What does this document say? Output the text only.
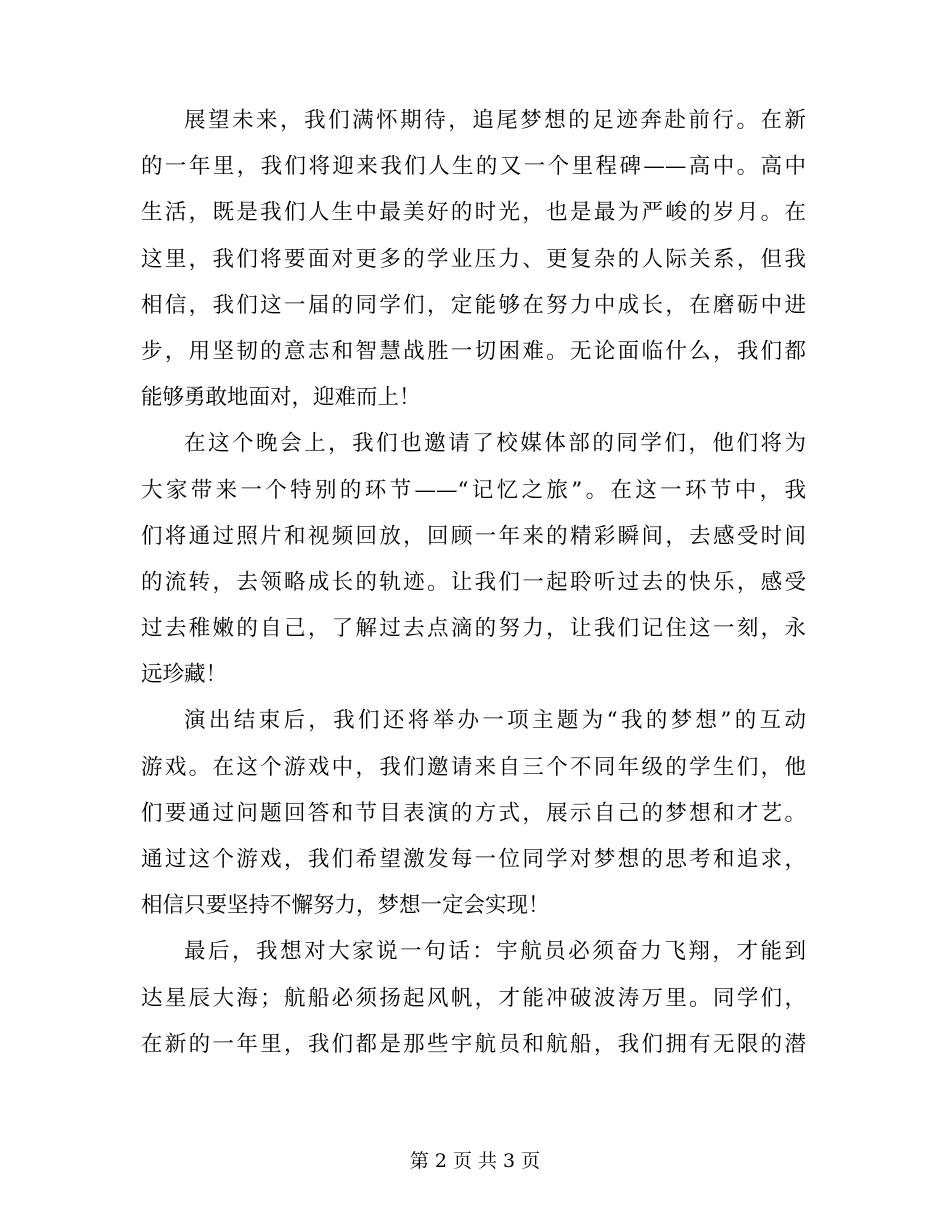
展望未来，我们满怀期待，追尾梦想的足迹奔赴前行。在新
的一年里，我们将迎来我们人生的又一个里程碑——高中。高中
生活，既是我们人生中最美好的时光，也是最为严峻的岁月。在
这里，我们将要面对更多的学业压力、更复杂的人际关系，但我
相信，我们这一届的同学们，定能够在努力中成长，在磨砺中进
步，用坚韧的意志和智慧战胜一切困难。无论面临什么，我们都
能够勇敢地面对，迎难而上！
在这个晚会上，我们也邀请了校媒体部的同学们，他们将为
大家带来一个特别的环节——“记忆之旅”。在这一环节中，我
们将通过照片和视频回放，回顾一年来的精彩瞬间，去感受时间
的流转，去领略成长的轨迹。让我们一起聆听过去的快乐，感受
过去稚嫩的自己，了解过去点滴的努力，让我们记住这一刻，永
远珍藏！
演出结束后，我们还将举办一项主题为“我的梦想”的互动
游戏。在这个游戏中，我们邀请来自三个不同年级的学生们，他
们要通过问题回答和节目表演的方式，展示自己的梦想和才艺。
通过这个游戏，我们希望激发每一位同学对梦想的思考和追求，
相信只要坚持不懈努力，梦想一定会实现！
最后，我想对大家说一句话：宇航员必须奋力飞翔，才能到
达星辰大海；航船必须扬起风帆，才能冲破波涛万里。同学们，
在新的一年里，我们都是那些宇航员和航船，我们拥有无限的潜
第 2 页 共 3 页
